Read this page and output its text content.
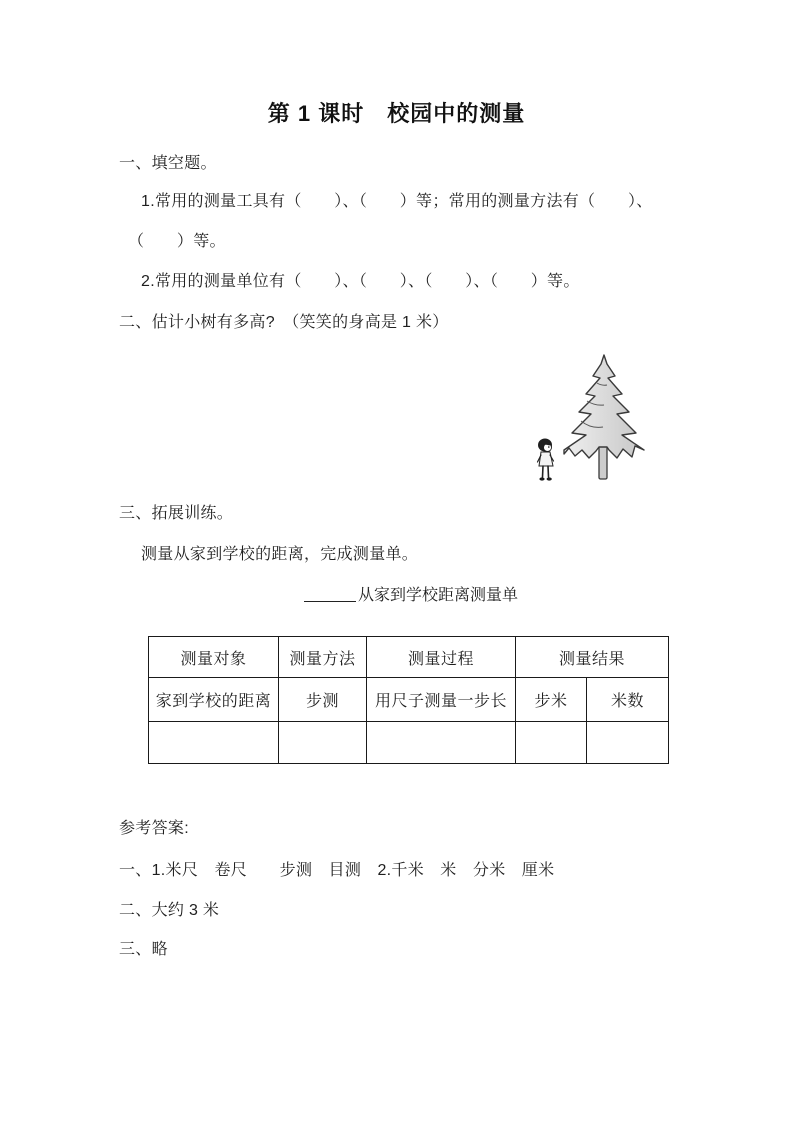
第 1 课时　校园中的测量
一、填空题。
1.常用的测量工具有（　　）、（　　）等；常用的测量方法有（　　）、
（　　）等。
2.常用的测量单位有（　　）、（　　）、（　　）、（　　）等。
二、估计小树有多高?　（笑笑的身高是 1 米）
三、拓展训练。
测量从家到学校的距离，完成测量单。
从家到学校距离测量单
测量对象	测量方法	测量过程	测量结果	
家到学校的距离	步测	用尺子测量一步长	步米	米数

参考答案:
一、1.米尺　卷尺　　步测　目测　2.千米　米　分米　厘米
二、大约 3 米
三、略
